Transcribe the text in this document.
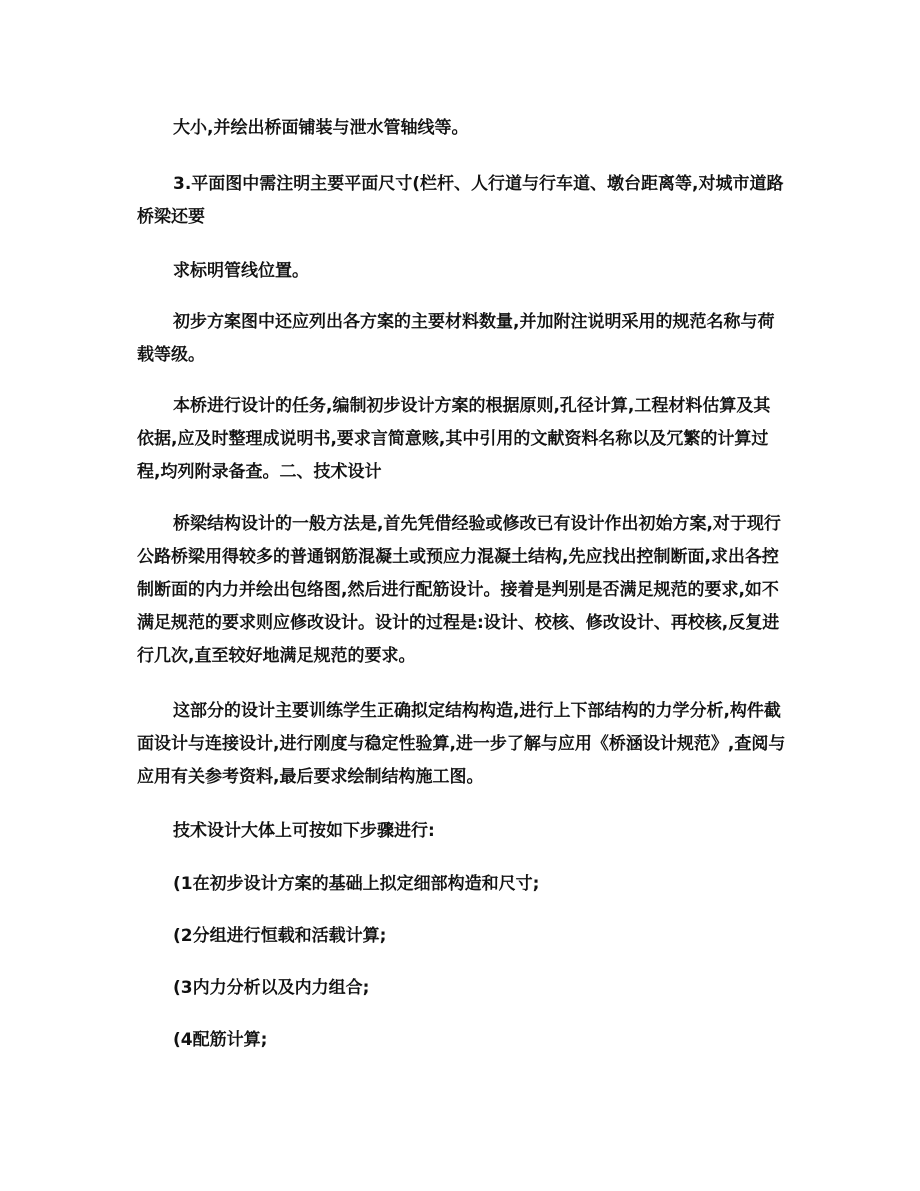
大小,并绘出桥面铺装与泄水管轴线等。

3.平面图中需注明主要平面尺寸(栏杆、人行道与行车道、墩台距离等,对城市道路桥梁还要

求标明管线位置。

初步方案图中还应列出各方案的主要材料数量,并加附注说明采用的规范名称与荷载等级。

本桥进行设计的任务,编制初步设计方案的根据原则,孔径计算,工程材料估算及其依据,应及时整理成说明书,要求言简意赅,其中引用的文献资料名称以及冗繁的计算过程,均列附录备查。二、技术设计

桥梁结构设计的一般方法是,首先凭借经验或修改已有设计作出初始方案,对于现行公路桥梁用得较多的普通钢筋混凝土或预应力混凝土结构,先应找出控制断面,求出各控制断面的内力并绘出包络图,然后进行配筋设计。接着是判别是否满足规范的要求,如不满足规范的要求则应修改设计。设计的过程是:设计、校核、修改设计、再校核,反复进行几次,直至较好地满足规范的要求。

这部分的设计主要训练学生正确拟定结构构造,进行上下部结构的力学分析,构件截面设计与连接设计,进行刚度与稳定性验算,进一步了解与应用《桥涵设计规范》,查阅与应用有关参考资料,最后要求绘制结构施工图。

技术设计大体上可按如下步骤进行:

(1在初步设计方案的基础上拟定细部构造和尺寸;

(2分组进行恒载和活载计算;

(3内力分析以及内力组合;

(4配筋计算;
